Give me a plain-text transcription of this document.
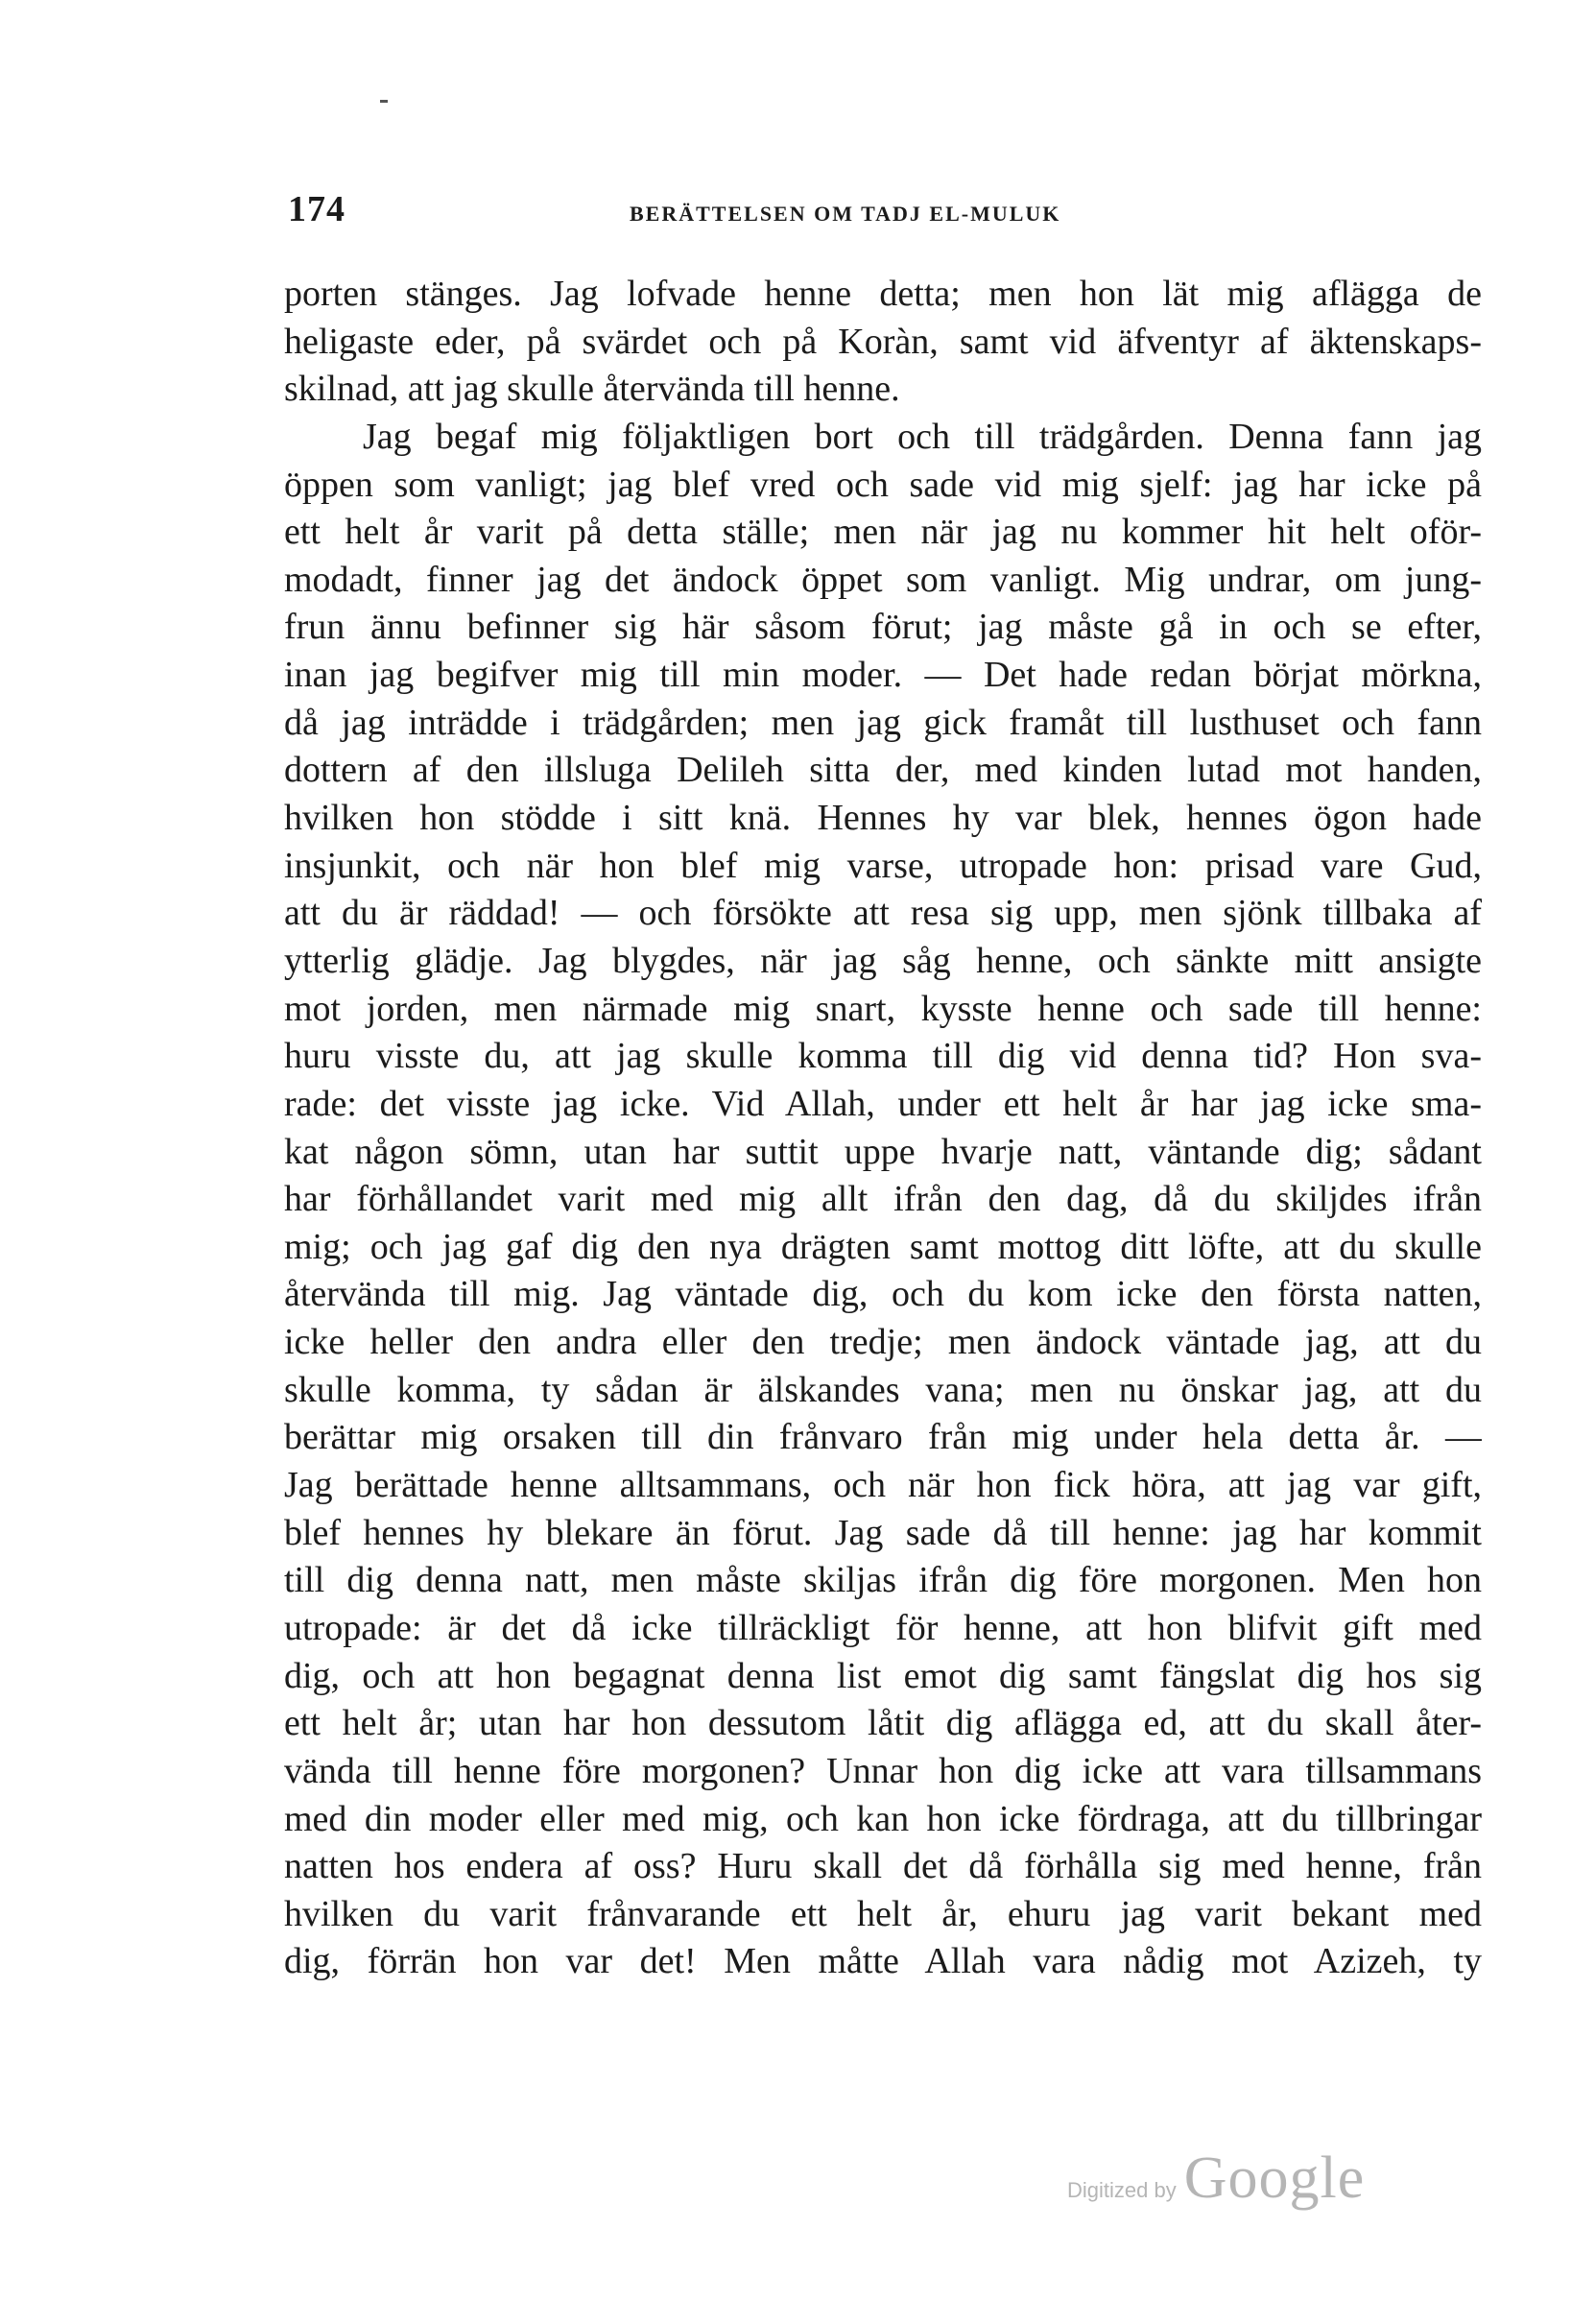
174	BERÄTTELSEN OM TADJ EL-MULUK
porten stänges. Jag lofvade henne detta; men hon lät mig aflägga de
heligaste eder, på svärdet och på Koràn, samt vid äfventyr af äktenskaps-
skilnad, att jag skulle återvända till henne.
Jag begaf mig följaktligen bort och till trädgården. Denna fann jag
öppen som vanligt; jag blef vred och sade vid mig sjelf: jag har icke på
ett helt år varit på detta ställe; men när jag nu kommer hit helt oför-
modadt, finner jag det ändock öppet som vanligt. Mig undrar, om jung-
frun ännu befinner sig här såsom förut; jag måste gå in och se efter,
inan jag begifver mig till min moder. — Det hade redan börjat mörkna,
då jag inträdde i trädgården; men jag gick framåt till lusthuset och fann
dottern af den illsluga Delileh sitta der, med kinden lutad mot handen,
hvilken hon stödde i sitt knä. Hennes hy var blek, hennes ögon hade
insjunkit, och när hon blef mig varse, utropade hon: prisad vare Gud,
att du är räddad! — och försökte att resa sig upp, men sjönk tillbaka af
ytterlig glädje. Jag blygdes, när jag såg henne, och sänkte mitt ansigte
mot jorden, men närmade mig snart, kysste henne och sade till henne:
huru visste du, att jag skulle komma till dig vid denna tid? Hon sva-
rade: det visste jag icke. Vid Allah, under ett helt år har jag icke sma-
kat någon sömn, utan har suttit uppe hvarje natt, väntande dig; sådant
har förhållandet varit med mig allt ifrån den dag, då du skiljdes ifrån
mig; och jag gaf dig den nya drägten samt mottog ditt löfte, att du skulle
återvända till mig. Jag väntade dig, och du kom icke den första natten,
icke heller den andra eller den tredje; men ändock väntade jag, att du
skulle komma, ty sådan är älskandes vana; men nu önskar jag, att du
berättar mig orsaken till din frånvaro från mig under hela detta år. —
Jag berättade henne alltsammans, och när hon fick höra, att jag var gift,
blef hennes hy blekare än förut. Jag sade då till henne: jag har kommit
till dig denna natt, men måste skiljas ifrån dig före morgonen. Men hon
utropade: är det då icke tillräckligt för henne, att hon blifvit gift med
dig, och att hon begagnat denna list emot dig samt fängslat dig hos sig
ett helt år; utan har hon dessutom låtit dig aflägga ed, att du skall åter-
vända till henne före morgonen? Unnar hon dig icke att vara tillsammans
med din moder eller med mig, och kan hon icke fördraga, att du tillbringar
natten hos endera af oss? Huru skall det då förhålla sig med henne, från
hvilken du varit frånvarande ett helt år, ehuru jag varit bekant med
dig, förrän hon var det! Men måtte Allah vara nådig mot Azizeh, ty
Digitized by Google
